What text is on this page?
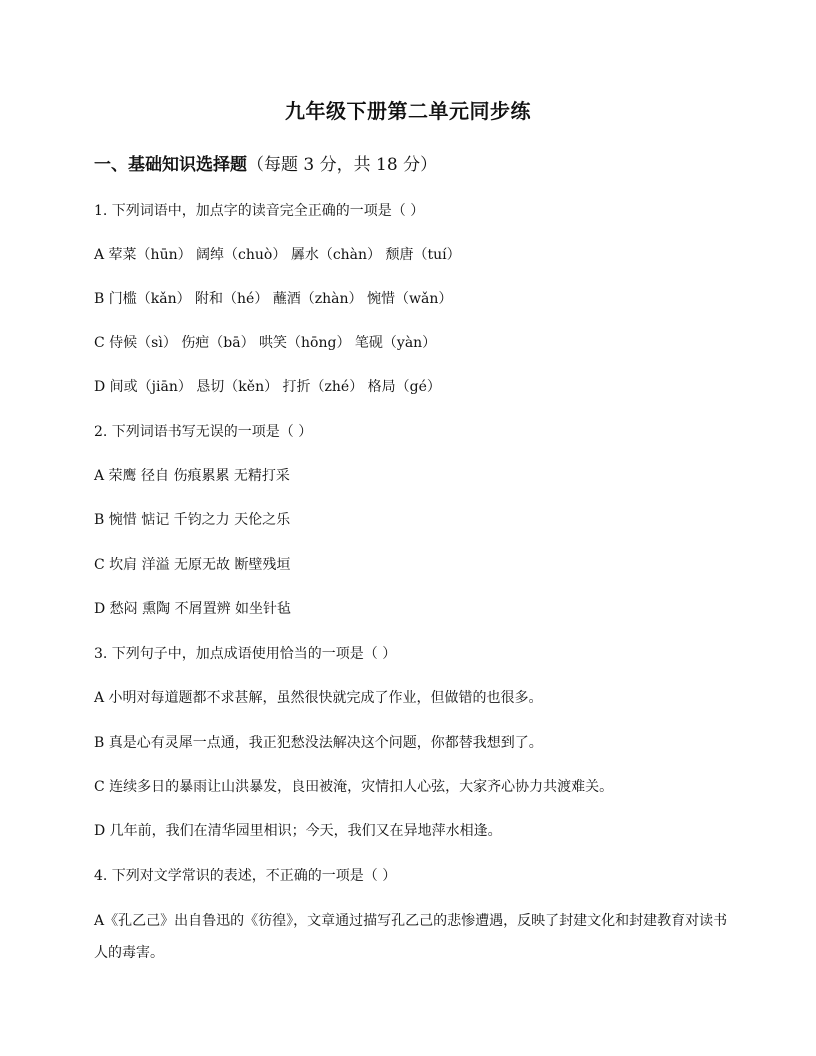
九年级下册第二单元同步练
一、基础知识选择题（每题 3 分，共 18 分）
1. 下列词语中，加点字的读音完全正确的一项是（ ）
A 荤菜（hūn） 阔绰（chuò） 羼水（chàn） 颓唐（tuí）
B 门槛（kǎn） 附和（hé） 蘸酒（zhàn） 惋惜（wǎn）
C 侍候（sì） 伤疤（bā） 哄笑（hōng） 笔砚（yàn）
D 间或（jiān） 恳切（kěn） 打折（zhé） 格局（gé）
2. 下列词语书写无误的一项是（ ）
A 荣鹰 径自 伤痕累累 无精打采
B 惋惜 惦记 千钧之力 天伦之乐
C 坎肩 洋溢 无原无故 断壁残垣
D 愁闷 熏陶 不屑置辨 如坐针毡
3. 下列句子中，加点成语使用恰当的一项是（ ）
A 小明对每道题都不求甚解，虽然很快就完成了作业，但做错的也很多。
B 真是心有灵犀一点通，我正犯愁没法解决这个问题，你都替我想到了。
C 连续多日的暴雨让山洪暴发，良田被淹，灾情扣人心弦，大家齐心协力共渡难关。
D 几年前，我们在清华园里相识；今天，我们又在异地萍水相逢。
4. 下列对文学常识的表述，不正确的一项是（ ）
A《孔乙己》出自鲁迅的《彷徨》，文章通过描写孔乙己的悲惨遭遇，反映了封建文化和封建教育对读书人的毒害。
